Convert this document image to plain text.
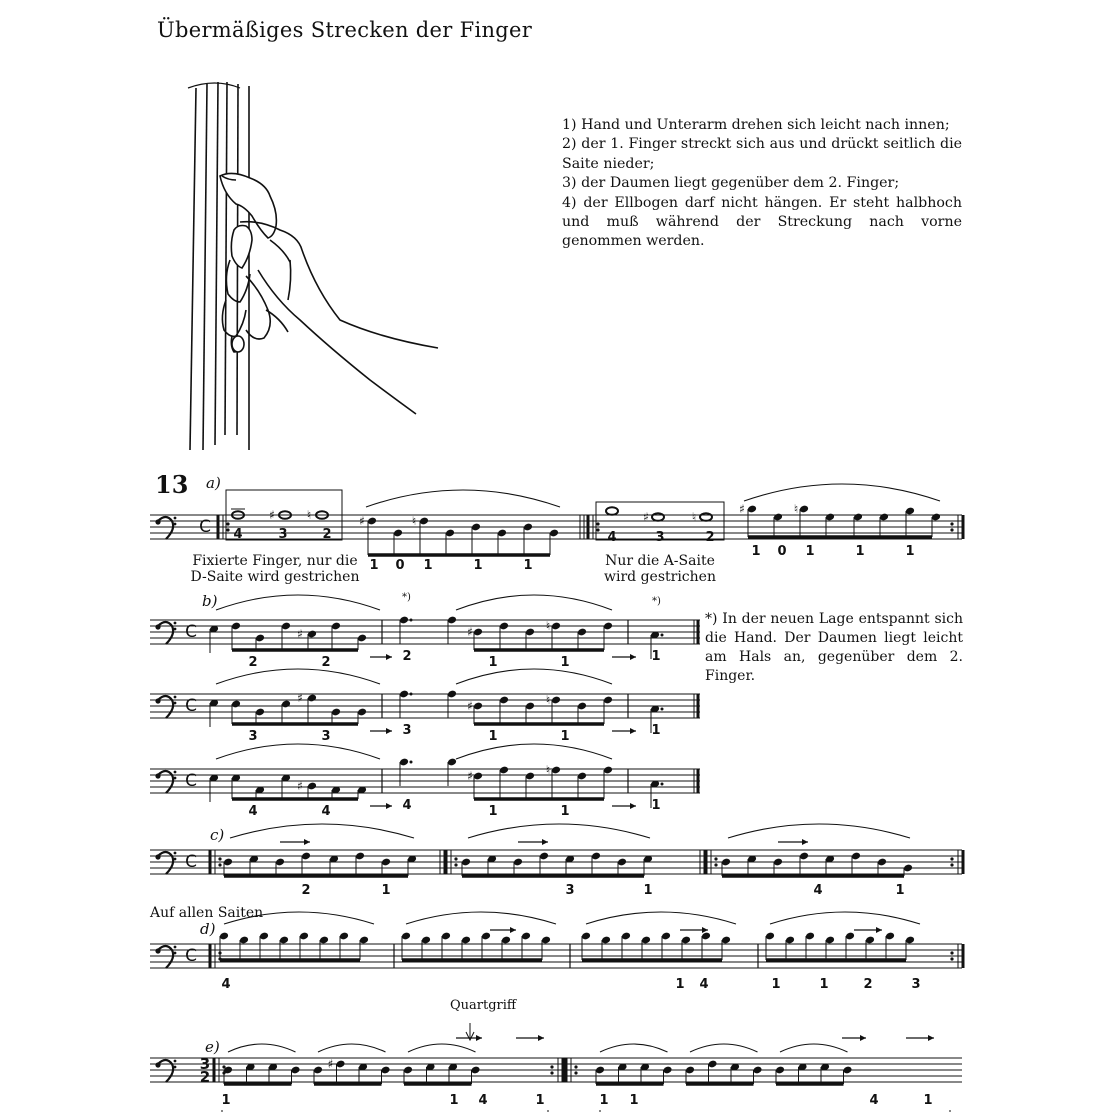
Übermäßiges Strecken der Finger
1) Hand und Unterarm drehen sich leicht nach innen;
2) der 1. Finger streckt sich aus und drückt seitlich die Saite nieder;
3) der Daumen liegt gegenüber dem 2. Finger;
4) der Ellbogen darf nicht hängen. Er steht halbhoch und muß während der Streckung nach vorne genommen werden.
13 a)
b)
c)
d)
e)
Fixierte Finger, nur die D-Saite wird gestrichen
Nur die A-Saite wird gestrichen
*) In der neuen Lage entspannt sich die Hand. Der Daumen liegt leicht am Hals an, gegenüber dem 2. Finger.
Auf allen Saiten
Quartgriff
*)	*)
C
♯	♮
4	3	2
♯	♮
1 0 1	1	1
♯	♮
4	3	2
♯	♮
1 0 1	1	1
C	♯	♯	♮
2	2	2	1	1	1
C	♯
♯	♮
3	3	3	1	1	1
C	♯
♯	♮
4	4	4	1	1	1
C
2	1	3	1	4	1
C
4	1 4	1	1	2	3
3
2
♯
1	1 4	1	1 1	4	1
